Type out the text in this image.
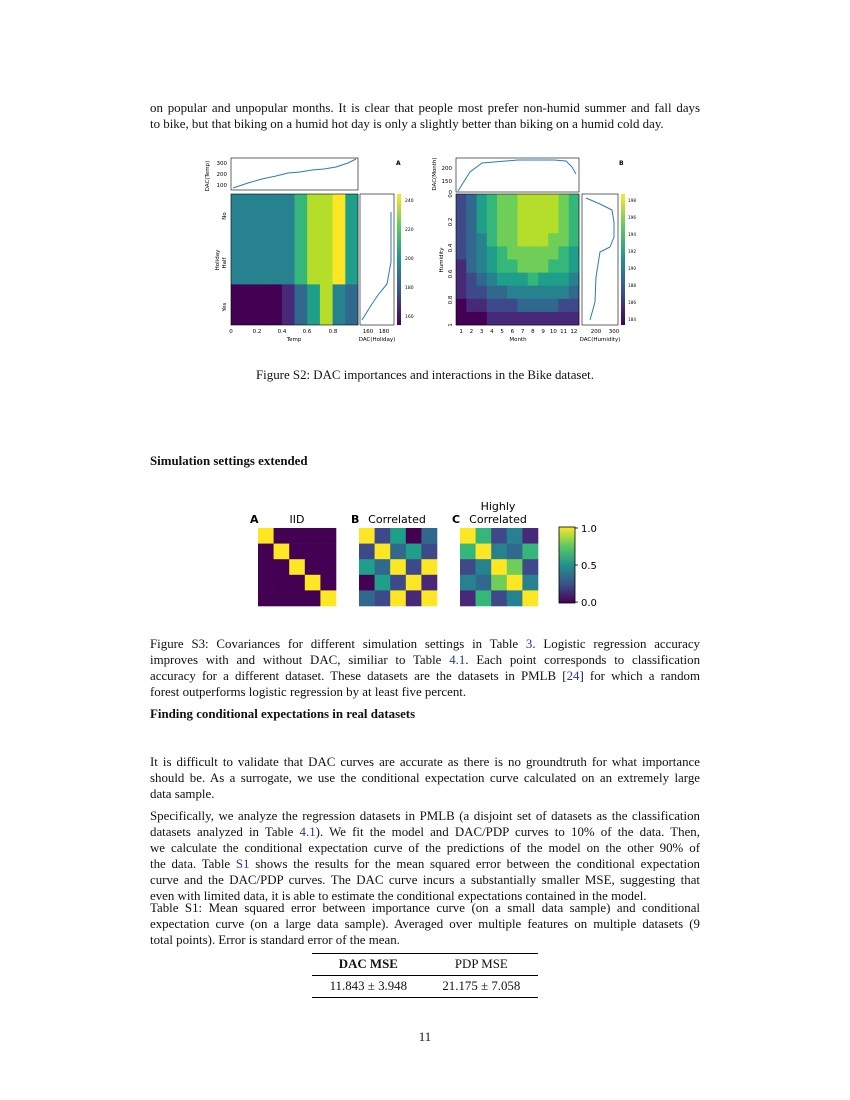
on popular and unpopular months. It is clear that people most prefer non-humid summer and fall days
to bike, but that biking on a humid hot day is only a slightly better than biking on a humid cold day.

DAC(Temp) 300
200
100
A
Holiday
No
Half
Yes
0	0.2	0.4	0.6	0.8
Temp
160 180
DAC(Holiday)
240
220
200
180
160
DAC(Month) 200
150
0
B
Humidity
0
0.2
0.4
0.6
0.8
1
1 2 3 4 5 6 7 8 9 10 11 12
Month
200 300
DAC(Humidity)
198
196
194
192
190
188
186
184

Figure S2: DAC importances and interactions in the Bike dataset.

Simulation settings extended

A	IID	B Correlated C
Highly
Correlated
1.0
0.5
0.0

Figure S3: Covariances for different simulation settings in Table 3. Logistic regression accuracy
improves with and without DAC, similiar to Table 4.1. Each point corresponds to classification
accuracy for a different dataset. These datasets are the datasets in PMLB [24] for which a random
forest outperforms logistic regression by at least five percent.

Finding conditional expectations in real datasets

It is difficult to validate that DAC curves are accurate as there is no groundtruth for what importance
should be. As a surrogate, we use the conditional expectation curve calculated on an extremely large
data sample.

Specifically, we analyze the regression datasets in PMLB (a disjoint set of datasets as the classification
datasets analyzed in Table 4.1). We fit the model and DAC/PDP curves to 10% of the data. Then,
we calculate the conditional expectation curve of the predictions of the model on the other 90% of
the data. Table S1 shows the results for the mean squared error between the conditional expectation
curve and the DAC/PDP curves. The DAC curve incurs a substantially smaller MSE, suggesting that
even with limited data, it is able to estimate the conditional expectations contained in the model.

Table S1: Mean squared error between importance curve (on a small data sample) and conditional
expectation curve (on a large data sample). Averaged over multiple features on multiple datasets (9
total points). Error is standard error of the mean.

DAC MSE	PDP MSE
11.843 ± 3.948	21.175 ± 7.058
11
